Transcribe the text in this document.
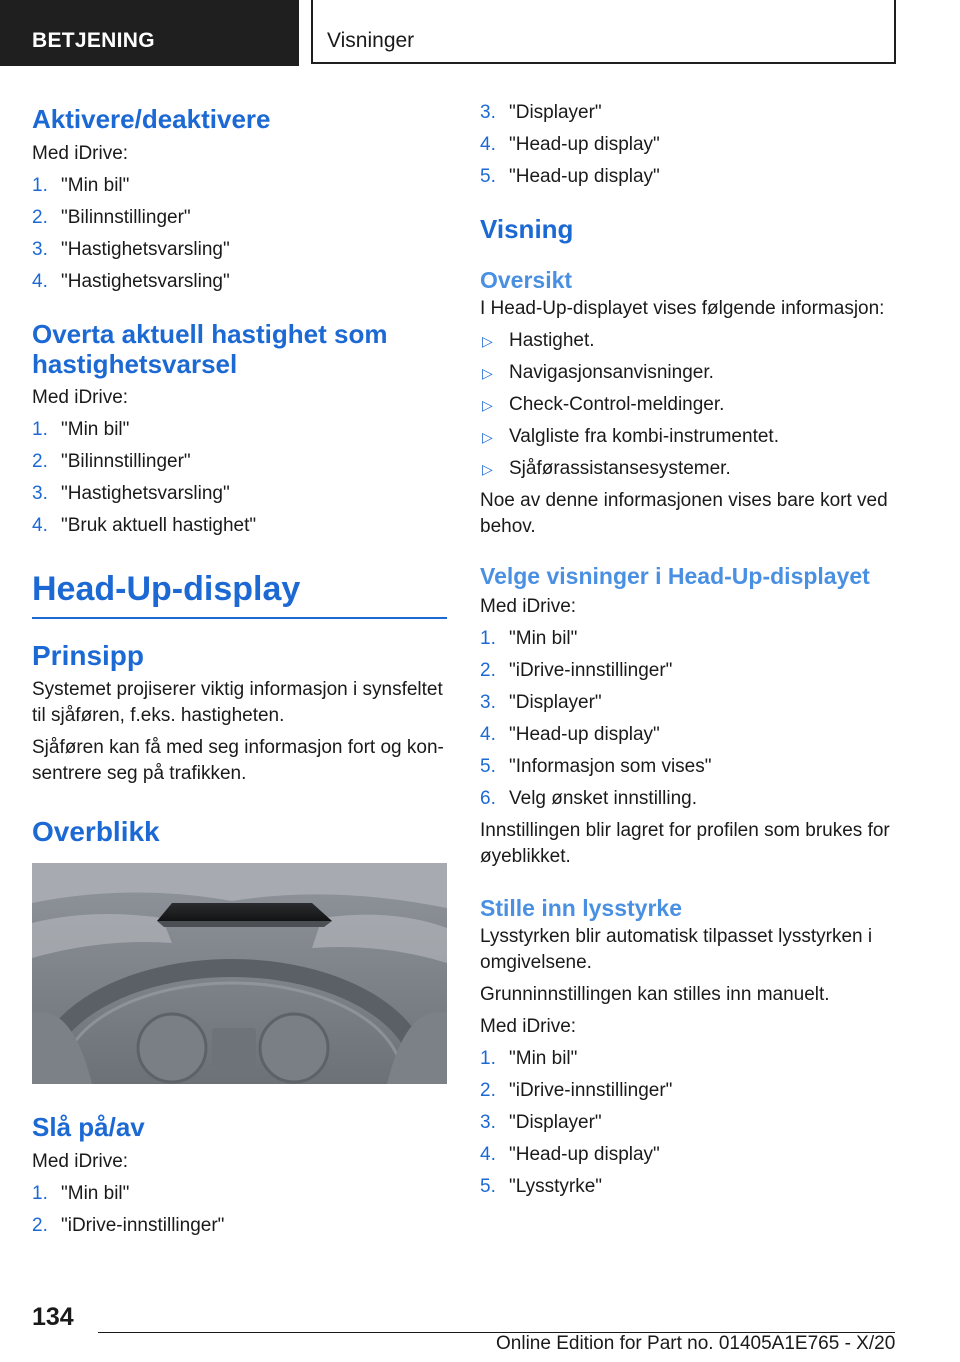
BETJENING	Visninger
Aktivere/deaktivere

Med iDrive:

1. "Min bil"
2. "Bilinnstillinger"
3. "Hastighetsvarsling"
4. "Hastighetsvarsling"
Overta aktuell hastighet som
hastighetsvarsel

Med iDrive:

1. "Min bil"
2. "Bilinnstillinger"
3. "Hastighetsvarsling"
4. "Bruk aktuell hastighet"
Head-Up-display
Prinsipp

Systemet projiserer viktig informasjon i synsfeltet
til sjåføren, f.eks. hastigheten.

Sjåføren kan få med seg informasjon fort og kon-
sentrere seg på trafikken.

Overblikk
Slå på/av

Med iDrive:

1. "Min bil"
2. "iDrive-innstillinger"
3. "Displayer"
4. "Head-up display"
5. "Head-up display"
Visning
Oversikt

I Head-Up-displayet vises følgende informasjon:

▷ Hastighet.
▷ Navigasjonsanvisninger.
▷ Check-Control-meldinger.
▷ Valgliste fra kombi-instrumentet.
▷ Sjåførassistansesystemer.

Noe av denne informasjonen vises bare kort ved
behov.

Velge visninger i Head-Up-displayet

Med iDrive:

1. "Min bil"
2. "iDrive-innstillinger"
3. "Displayer"
4. "Head-up display"
5. "Informasjon som vises"
6. Velg ønsket innstilling.

Innstillingen blir lagret for profilen som brukes for
øyeblikket.

Stille inn lysstyrke

Lysstyrken blir automatisk tilpasset lysstyrken i
omgivelsene.

Grunninnstillingen kan stilles inn manuelt.

Med iDrive:

1. "Min bil"
2. "iDrive-innstillinger"
3. "Displayer"
4. "Head-up display"
5. "Lysstyrke"
134
Online Edition for Part no. 01405A1E765 - X/20
